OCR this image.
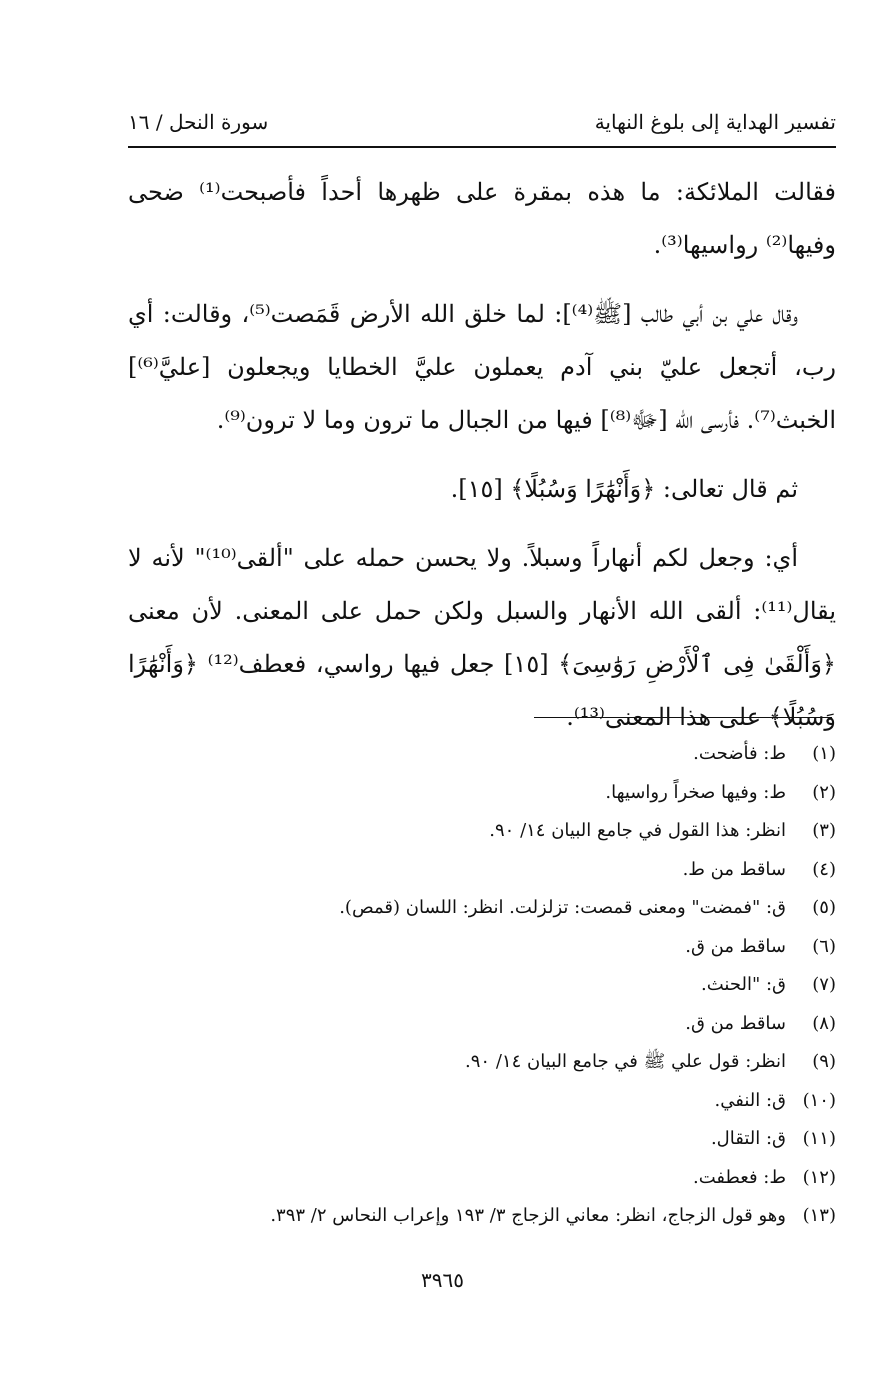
تفسير الهداية إلى بلوغ النهاية
سورة النحل / ١٦

فقالت الملائكة: ما هذه بمقرة على ظهرها أحداً فأصبحت⁽¹⁾ ضحى وفيها⁽²⁾ رواسيها⁽³⁾.

وقال علي بن أبي طالب [ﷺ⁽⁴⁾]: لما خلق الله الأرض قَمَصت⁽⁵⁾، وقالت: أي رب، أتجعل عليّ بني آدم يعملون عليَّ الخطايا ويجعلون [عليَّ⁽⁶⁾] الخبث⁽⁷⁾. فأرسى الله [ﷻ⁽⁸⁾] فيها من الجبال ما ترون وما لا ترون⁽⁹⁾.

ثم قال تعالى: ﴿وَأَنْهَٰرًا وَسُبُلًا﴾ [١٥].

أي: وجعل لكم أنهاراً وسبلاً. ولا يحسن حمله على "ألقى⁽¹⁰⁾" لأنه لا يقال⁽¹¹⁾: ألقى الله الأنهار والسبل ولكن حمل على المعنى. لأن معنى ﴿وَأَلْقَىٰ فِى ٱلْأَرْضِ رَوَٰسِىَ﴾ [١٥] جعل فيها رواسي، فعطف⁽¹²⁾ ﴿وَأَنْهَٰرًا وَسُبُلًا﴾ على هذا المعنى⁽¹³⁾.

(١)ط: فأضحت.
(٢)ط: وفيها صخراً رواسيها.
(٣)انظر: هذا القول في جامع البيان ١٤/ ٩٠.
(٤)ساقط من ط.
(٥)ق: "فمضت" ومعنى قمصت: تزلزلت. انظر: اللسان (قمص).
(٦)ساقط من ق.
(٧)ق: "الحنث.
(٨)ساقط من ق.
(٩)انظر: قول علي ﷺ في جامع البيان ١٤/ ٩٠.
(١٠)ق: النفي.
(١١)ق: التقال.
(١٢)ط: فعطفت.
(١٣)وهو قول الزجاج، انظر: معاني الزجاج ٣/ ١٩٣ وإعراب النحاس ٢/ ٣٩٣.
٣٩٦٥
